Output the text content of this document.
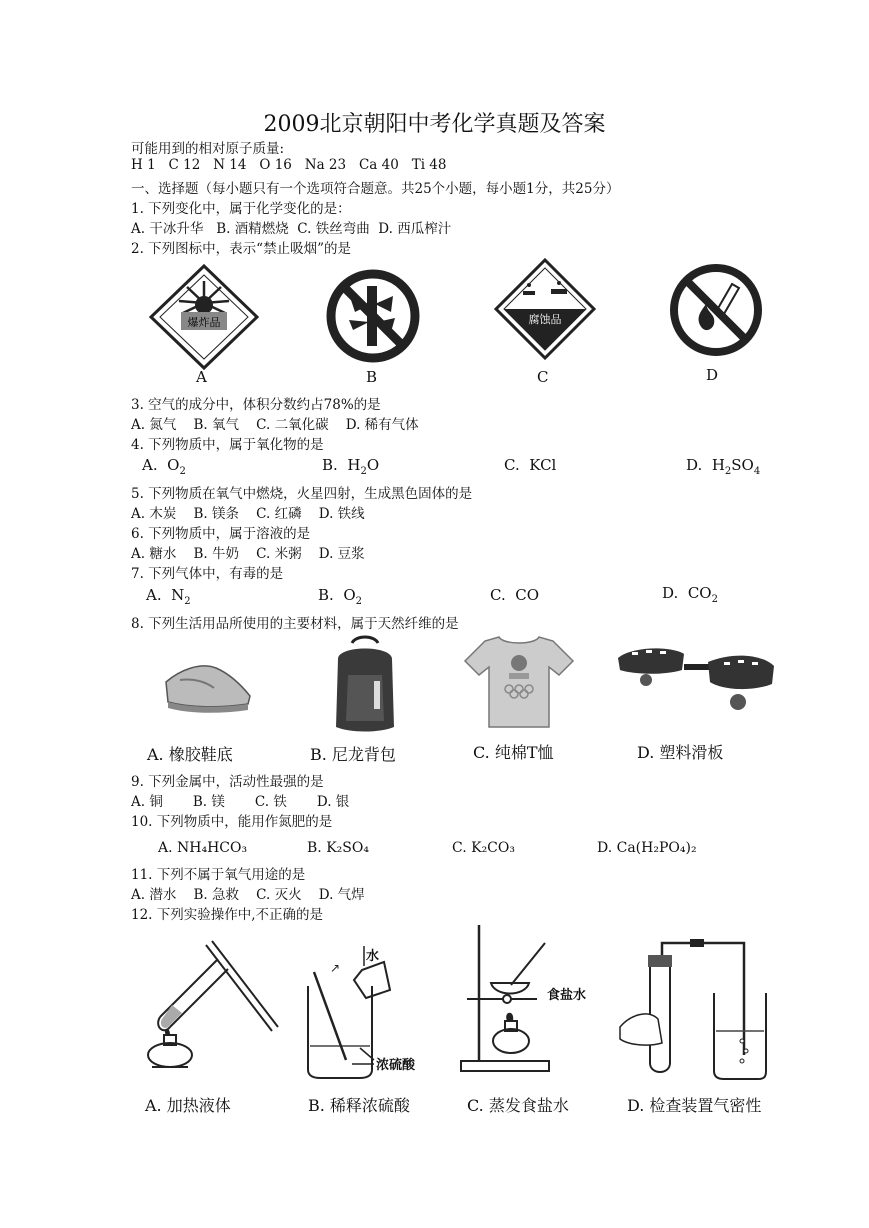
2009北京朝阳中考化学真题及答案
可能用到的相对原子质量:
H 1   C 12   N 14   O 16   Na 23   Ca 40   Ti 48
一、选择题（每小题只有一个选项符合题意。共25个小题，每小题1分，共25分）
1. 下列变化中，属于化学变化的是：
A. 干冰升华   B. 酒精燃烧  C. 铁丝弯曲  D. 西瓜榨汁
2. 下列图标中，表示“禁止吸烟”的是
爆炸品
A	B
腐蚀品
C	D
3. 空气的成分中，体积分数约占78%的是
A. 氮气    B. 氧气    C. 二氧化碳    D. 稀有气体
4. 下列物质中，属于氧化物的是
A. $O_2$	B. $H_2O$	C. KCl	D. $H_2SO_4$
5. 下列物质在氧气中燃烧，火星四射，生成黑色固体的是
A. 木炭    B. 镁条    C. 红磷    D. 铁线
6. 下列物质中，属于溶液的是
A. 糖水    B. 牛奶    C. 米粥    D. 豆浆
7. 下列气体中，有毒的是
A. $N_2$	B. $O_2$	C. CO	D. $CO_2$
8. 下列生活用品所使用的主要材料，属于天然纤维的是
A. 橡胶鞋底	B. 尼龙背包	C. 纯棉T恤	D. 塑料滑板
9. 下列金属中，活动性最强的是
A. 铜       B. 镁       C. 铁       D. 银
10. 下列物质中，能用作氮肥的是
A. NH₄HCO₃	B. K₂SO₄	C. K₂CO₃	D. Ca(H₂PO₄)₂
11. 下列不属于氧气用途的是
A. 潜水    B. 急救    C. 灭火    D. 气焊
12. 下列实验操作中,不正确的是
A. 加热液体
↗
水
浓硫酸
B. 稀释浓硫酸
食盐水
C. 蒸发食盐水	D. 检查装置气密性
